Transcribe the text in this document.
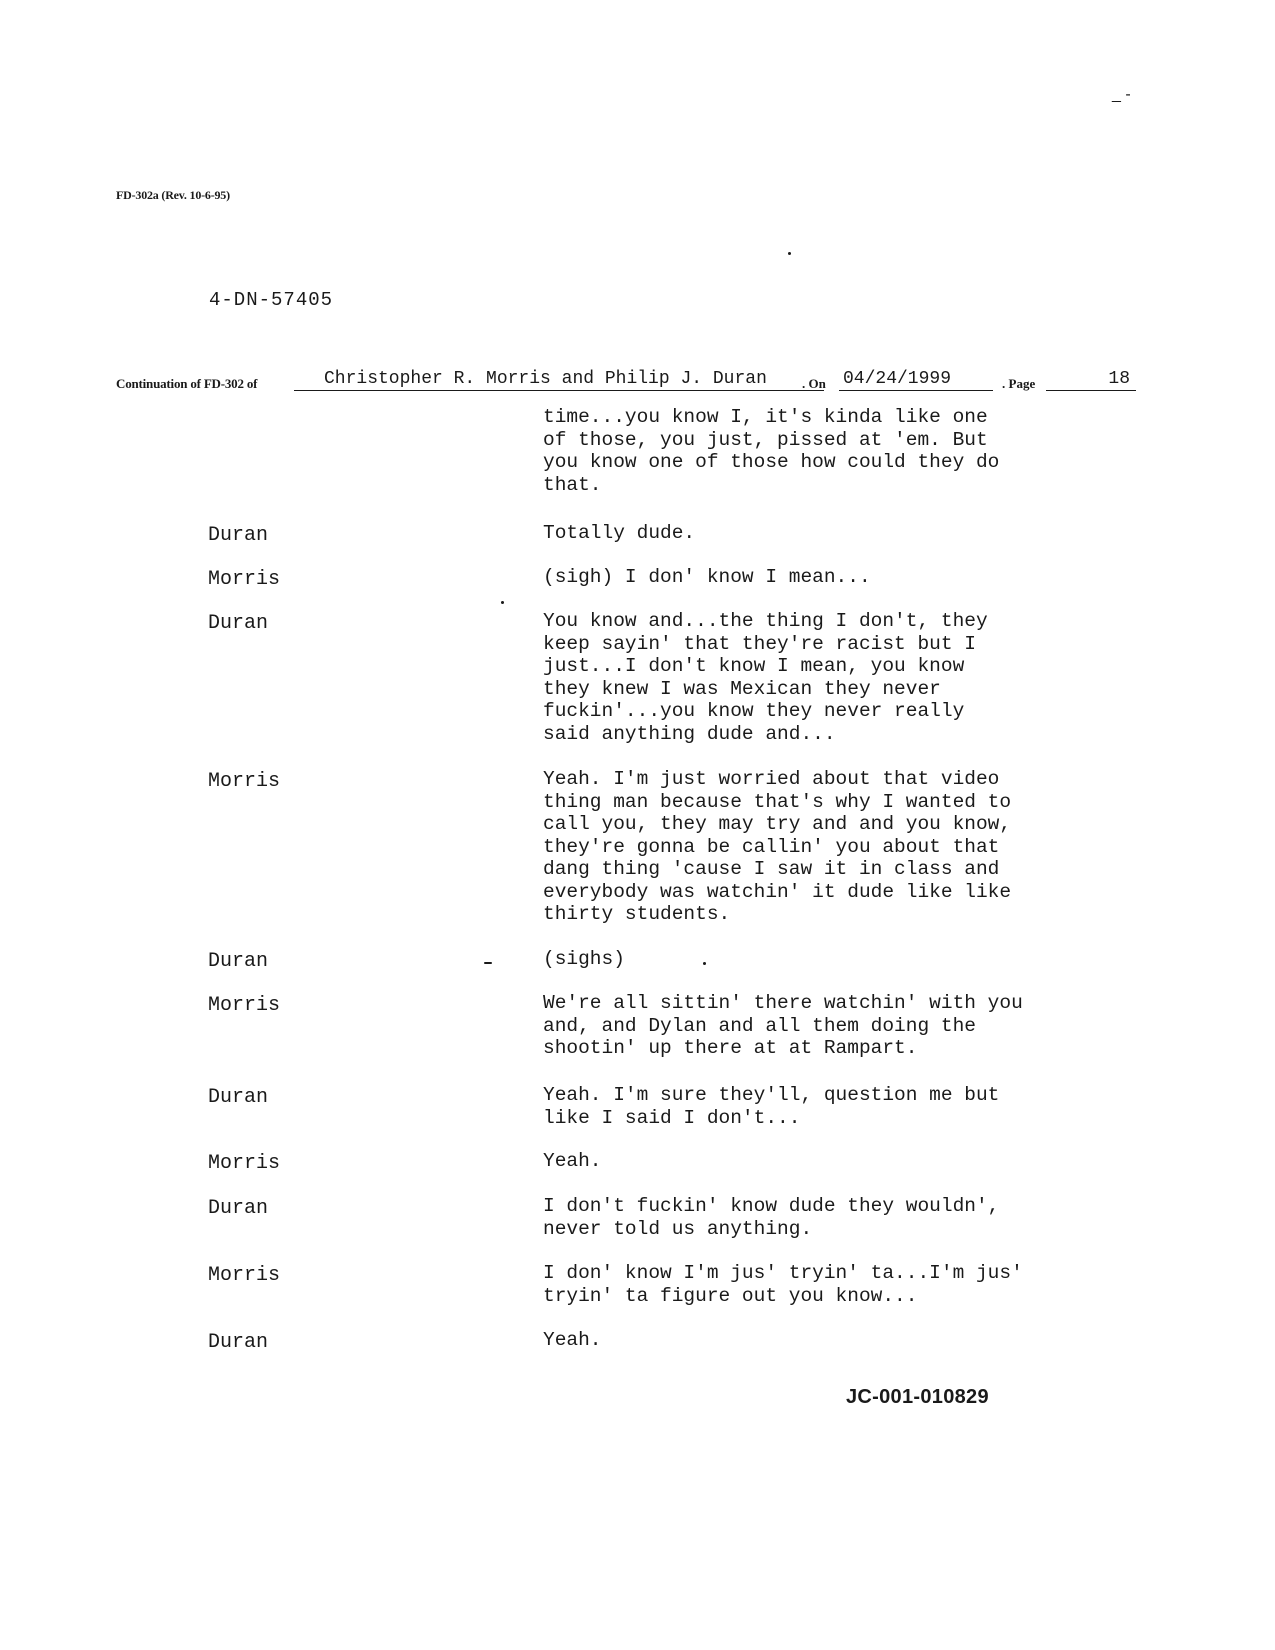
_ -
FD-302a (Rev. 10-6-95)
4-DN-57405
Continuation of FD-302 of	Christopher R. Morris and Philip J. Duran	. On 04/24/1999	. Page	18
time...you know I, it's kinda like one
of those, you just, pissed at 'em. But
you know one of those how could they do
that.
Duran	Totally dude.
Morris	(sigh) I don' know I mean...
Duran	You know and...the thing I don't, they
keep sayin' that they're racist but I
just...I don't know I mean, you know
they knew I was Mexican they never
fuckin'...you know they never really
said anything dude and...
Morris	Yeah. I'm just worried about that video
thing man because that's why I wanted to
call you, they may try and and you know,
they're gonna be callin' you about that
dang thing 'cause I saw it in class and
everybody was watchin' it dude like like
thirty students.
Duran	(sighs)
Morris	We're all sittin' there watchin' with you
and, and Dylan and all them doing the
shootin' up there at at Rampart.
Duran	Yeah. I'm sure they'll, question me but
like I said I don't...
Morris	Yeah.
Duran	I don't fuckin' know dude they wouldn',
never told us anything.
Morris	I don' know I'm jus' tryin' ta...I'm jus'
tryin' ta figure out you know...
Duran	Yeah.
JC-001-010829
